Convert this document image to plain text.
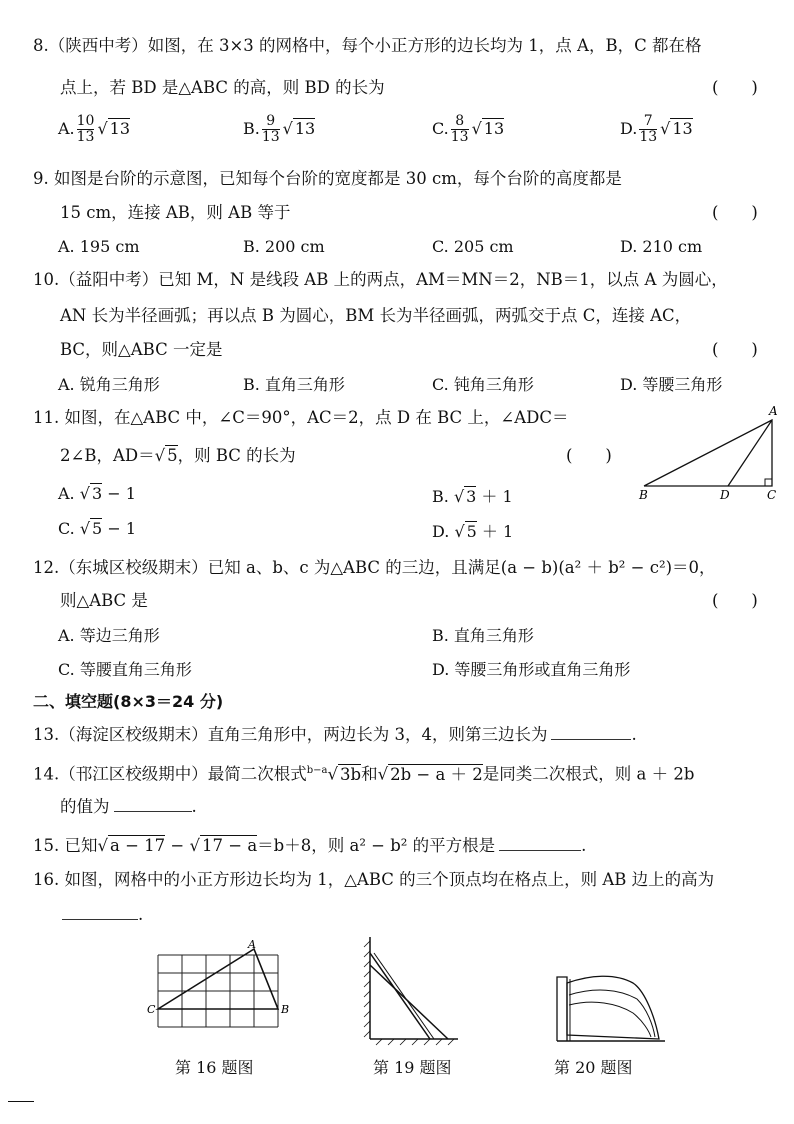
8.（陕西中考）如图，在 3×3 的网格中，每个小正方形的边长均为 1，点 A，B，C 都在格
点上，若 BD 是△ABC 的高，则 BD 的长为	(　　)
A. $\frac{10}{13}$ √ 13	B. $\frac{9}{13}$ √ 13	C. $\frac{8}{13}$ √ 13	D. $\frac{7}{13}$ √ 13
9. 如图是台阶的示意图，已知每个台阶的宽度都是 30 cm，每个台阶的高度都是
15 cm，连接 AB，则 AB 等于	(　　)
A. 195 cm	B. 200 cm	C. 205 cm	D. 210 cm
10.（益阳中考）已知 M，N 是线段 AB 上的两点，AM＝MN＝2，NB＝1，以点 A 为圆心，
AN 长为半径画弧；再以点 B 为圆心，BM 长为半径画弧，两弧交于点 C，连接 AC，
BC，则△ABC 一定是	(　　)
A. 锐角三角形	B. 直角三角形	C. 钝角三角形	D. 等腰三角形
11. 如图，在△ABC 中，∠C＝90°，AC＝2，点 D 在 BC 上，∠ADC＝
2∠B，AD＝√ 5，则 BC 的长为	(　　)
A. √ 3 − 1	B. √ 3 ＋ 1
C. √ 5 − 1	D. √ 5 ＋ 1
A
B	D	C
12.（东城区校级期末）已知 a、b、c 为△ABC 的三边，且满足(a − b)(a² ＋ b² − c²)＝0，
则△ABC 是	(　　)
A. 等边三角形	B. 直角三角形
C. 等腰直角三角形	D. 等腰三角形或直角三角形
二、填空题(8×3＝24 分)
13.（海淀区校级期末）直角三角形中，两边长为 3，4，则第三边长为	.
14.（邗江区校级期中）最简二次根式$^{b-a}$√ 3b和√ 2b − a ＋ 2是同类二次根式，则 a ＋ 2b
的值为	.
15. 已知√ a − 17 − √ 17 − a＝b＋8，则 a² − b² 的平方根是	.
16. 如图，网格中的小正方形边长均为 1，△ABC 的三个顶点均在格点上，则 AB 边上的高为
.
A
C	B
第 16 题图	第 19 题图	第 20 题图
